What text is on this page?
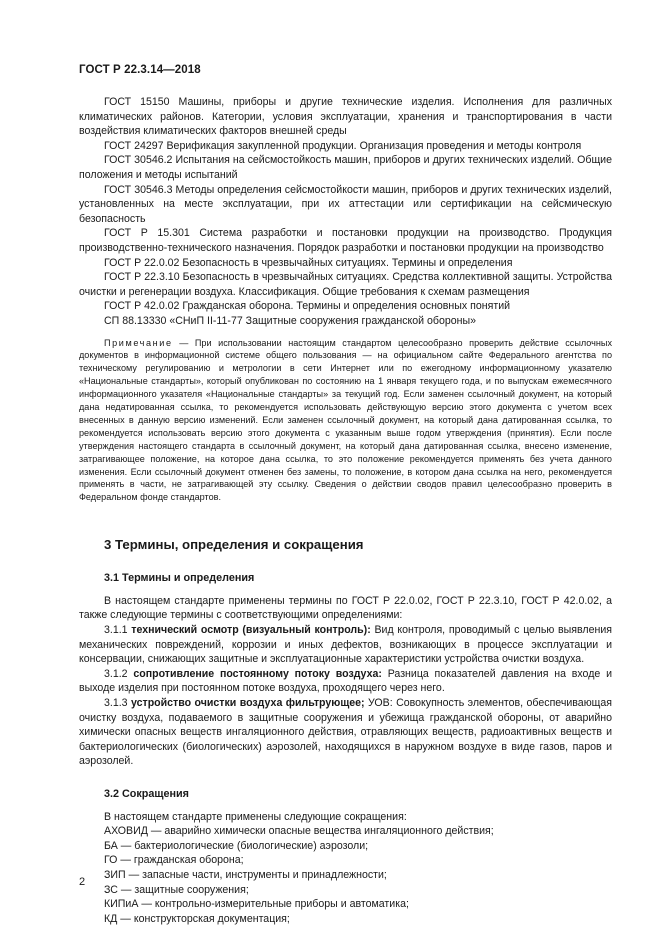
ГОСТ Р 22.3.14—2018

ГОСТ 15150 Машины, приборы и другие технические изделия. Исполнения для различных климатических районов. Категории, условия эксплуатации, хранения и транспортирования в части воздействия климатических факторов внешней среды

ГОСТ 24297 Верификация закупленной продукции. Организация проведения и методы контроля

ГОСТ 30546.2 Испытания на сейсмостойкость машин, приборов и других технических изделий. Общие положения и методы испытаний

ГОСТ 30546.3 Методы определения сейсмостойкости машин, приборов и других технических изделий, установленных на месте эксплуатации, при их аттестации или сертификации на сейсмическую безопасность

ГОСТ Р 15.301 Система разработки и постановки продукции на производство. Продукция производственно-технического назначения. Порядок разработки и постановки продукции на производство

ГОСТ Р 22.0.02 Безопасность в чрезвычайных ситуациях. Термины и определения

ГОСТ Р 22.3.10 Безопасность в чрезвычайных ситуациях. Средства коллективной защиты. Устройства очистки и регенерации воздуха. Классификация. Общие требования к схемам размещения

ГОСТ Р 42.0.02 Гражданская оборона. Термины и определения основных понятий

СП 88.13330 «СНиП II-11-77 Защитные сооружения гражданской обороны»

Примечание — При использовании настоящим стандартом целесообразно проверить действие ссылочных документов в информационной системе общего пользования — на официальном сайте Федерального агентства по техническому регулированию и метрологии в сети Интернет или по ежегодному информационному указателю «Национальные стандарты», который опубликован по состоянию на 1 января текущего года, и по выпускам ежемесячного информационного указателя «Национальные стандарты» за текущий год. Если заменен ссылочный документ, на который дана недатированная ссылка, то рекомендуется использовать действующую версию этого документа с учетом всех внесенных в данную версию изменений. Если заменен ссылочный документ, на который дана датированная ссылка, то рекомендуется использовать версию этого документа с указанным выше годом утверждения (принятия). Если после утверждения настоящего стандарта в ссылочный документ, на который дана датированная ссылка, внесено изменение, затрагивающее положение, на которое дана ссылка, то это положение рекомендуется применять без учета данного изменения. Если ссылочный документ отменен без замены, то положение, в котором дана ссылка на него, рекомендуется применять в части, не затрагивающей эту ссылку. Сведения о действии сводов правил целесообразно проверить в Федеральном фонде стандартов.

3 Термины, определения и сокращения
3.1 Термины и определения

В настоящем стандарте применены термины по ГОСТ Р 22.0.02, ГОСТ Р 22.3.10, ГОСТ Р 42.0.02, а также следующие термины с соответствующими определениями:

3.1.1 технический осмотр (визуальный контроль): Вид контроля, проводимый с целью выявления механических повреждений, коррозии и иных дефектов, возникающих в процессе эксплуатации и консервации, снижающих защитные и эксплуатационные характеристики устройства очистки воздуха.

3.1.2 сопротивление постоянному потоку воздуха: Разница показателей давления на входе и выходе изделия при постоянном потоке воздуха, проходящего через него.

3.1.3 устройство очистки воздуха фильтрующее; УОВ: Совокупность элементов, обеспечивающая очистку воздуха, подаваемого в защитные сооружения и убежища гражданской обороны, от аварийно химически опасных веществ ингаляционного действия, отравляющих веществ, радиоактивных веществ и бактериологических (биологических) аэрозолей, находящихся в наружном воздухе в виде газов, паров и аэрозолей.

3.2 Сокращения

В настоящем стандарте применены следующие сокращения:

АХОВИД — аварийно химически опасные вещества ингаляционного действия;

БА — бактериологические (биологические) аэрозоли;

ГО — гражданская оборона;

ЗИП — запасные части, инструменты и принадлежности;

ЗС — защитные сооружения;

КИПиА — контрольно-измерительные приборы и автоматика;

КД — конструкторская документация;

2
